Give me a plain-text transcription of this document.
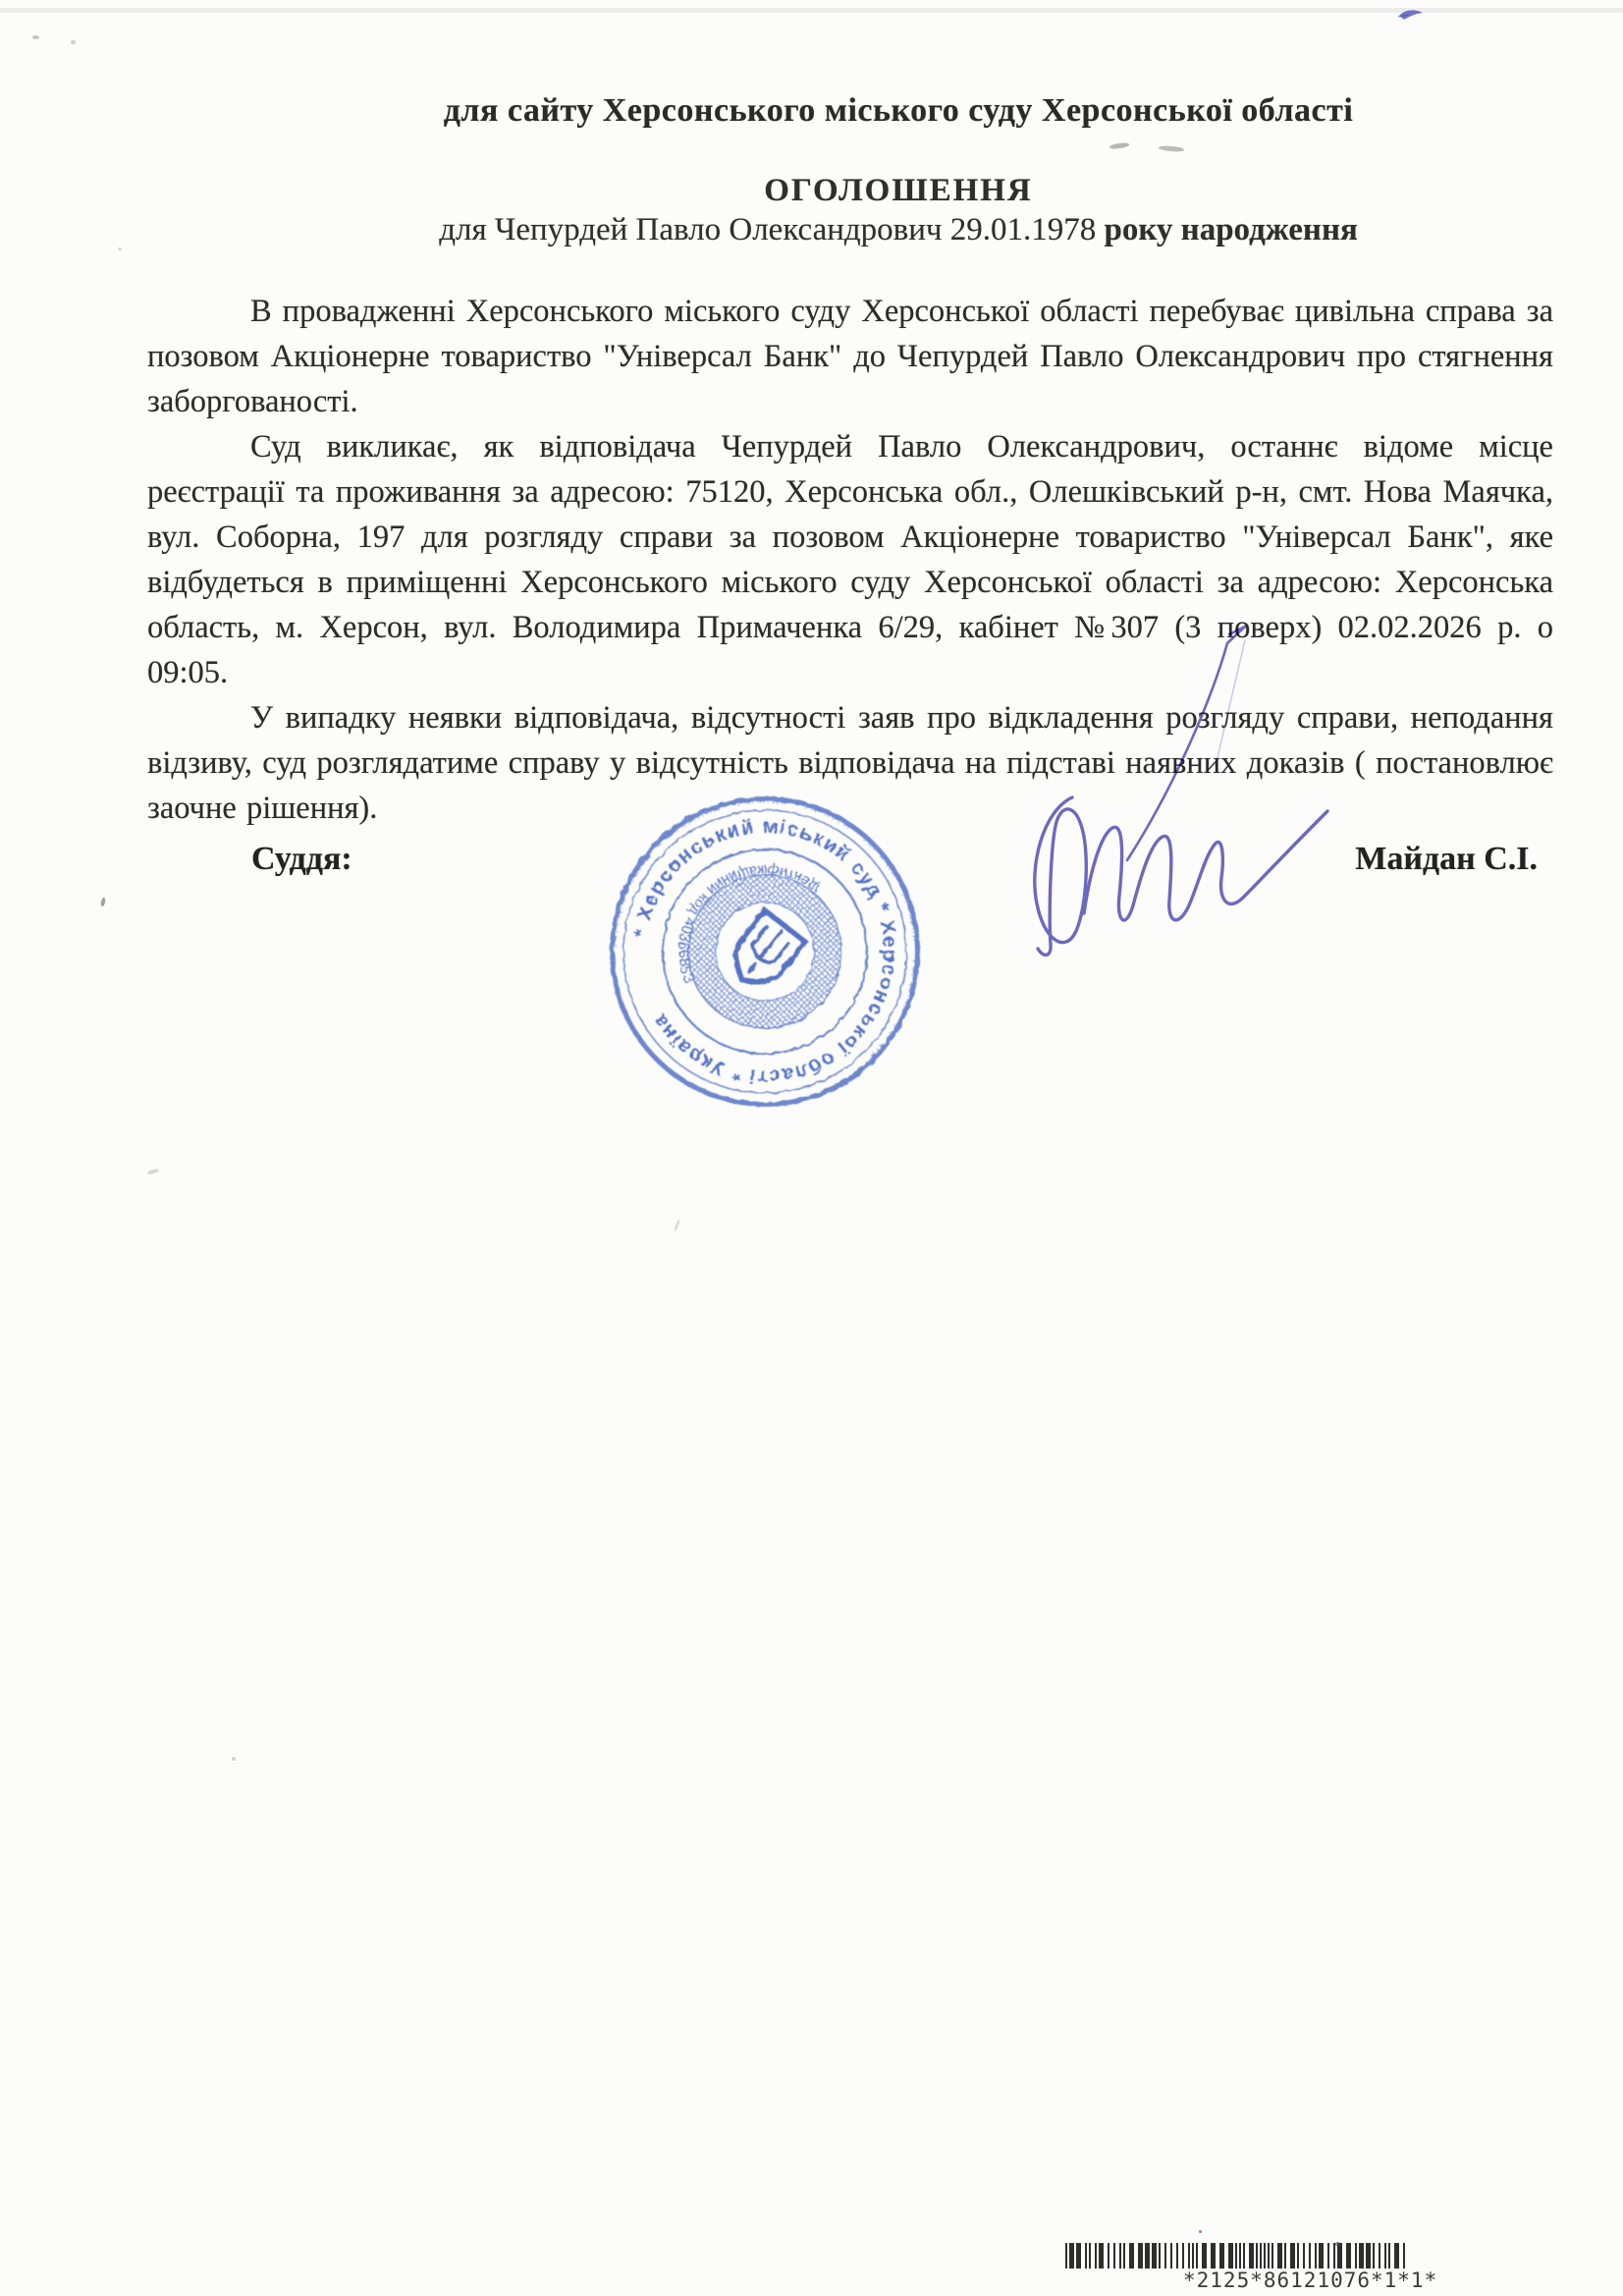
для сайту Херсонського міського суду Херсонської області
ОГОЛОШЕННЯ
для Чепурдей Павло Олександрович 29.01.1978 року народження

В провадженні Херсонського міського суду Херсонської області перебуває цивільна справа за позовом Акціонерне товариство "Універсал Банк" до Чепурдей Павло Олександрович про стягнення заборгованості.

Суд викликає, як відповідача Чепурдей Павло Олександрович, останнє відоме місце реєстрації та проживання за адресою: 75120, Херсонська обл., Олешківський р-н, смт. Нова Маячка, вул. Соборна, 197 для розгляду справи за позовом Акціонерне товариство "Універсал Банк", яке відбудеться в приміщенні Херсонського міського суду Херсонської області за адресою: Херсонська область, м. Херсон, вул. Володимира Примаченка 6/29, кабінет №307 (3 поверх) 02.02.2026 р. о 09:05.

У випадку неявки відповідача, відсутності заяв про відкладення розгляду справи, неподання відзиву, суд розглядатиме справу у відсутність відповідача на підставі наявних доказів ( постановлює заочне рішення).

Суддя:	Майдан С.І.
УКРАЇНА * УКРАЇНА * УКРАЇНА * УКРАЇНА * УКРАЇНА * УКРАЇНА * УКРАЇНА * УКРАЇНА * УКРАЇНА
* Херсонський міський суд * Херсонської області * Україна
ідентифікаційний код 40366853
*2125*86121076*1*1*
